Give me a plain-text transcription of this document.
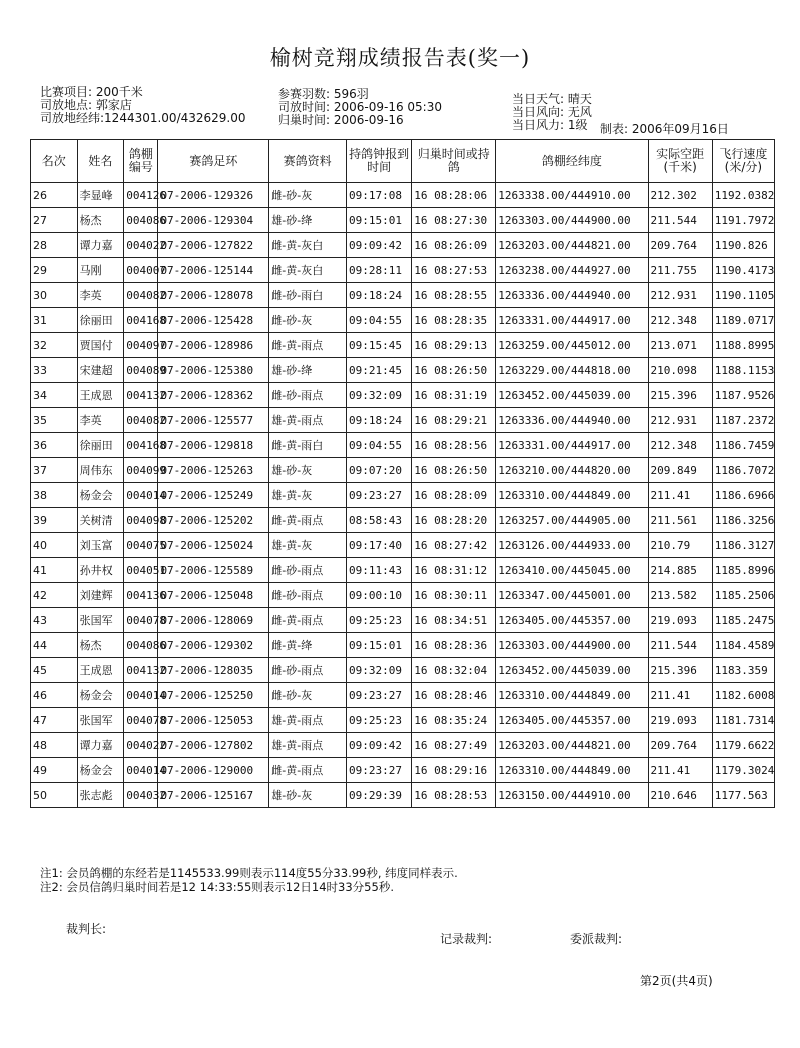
榆树竞翔成绩报告表(奖一)
比赛项目: 200千米
司放地点: 郭家店
司放地经纬:1244301.00/432629.00
参赛羽数: 596羽
司放时间: 2006-09-16 05:30
归巢时间: 2006-09-16
当日天气: 晴天
当日风向: 无风
当日风力: 1级	制表: 2006年09月16日
名次	姓名	鸽棚编号	赛鸽足环	赛鸽资料	持鸽钟报到时间	归巢时间或持鸽	鸽棚经纬度	实际空距(千米)	飞行速度(米/分)
26	李显峰	004126	07-2006-129326	雌-砂-灰	09:17:08	16 08:28:06	1263338.00/444910.00	212.302	1192.0382
27	杨杰	004086	07-2006-129304	雄-砂-绛	09:15:01	16 08:27:30	1263303.00/444900.00	211.544	1191.7972
28	谭力嘉	004022	07-2006-127822	雌-黄-灰白	09:09:42	16 08:26:09	1263203.00/444821.00	209.764	1190.826
29	马刚	004007	07-2006-125144	雌-黄-灰白	09:28:11	16 08:27:53	1263238.00/444927.00	211.755	1190.4173
30	李英	004082	07-2006-128078	雌-砂-雨白	09:18:24	16 08:28:55	1263336.00/444940.00	212.931	1190.1105
31	徐丽田	004168	07-2006-125428	雌-砂-灰	09:04:55	16 08:28:35	1263331.00/444917.00	212.348	1189.0717
32	贾国付	004097	07-2006-128986	雌-黄-雨点	09:15:45	16 08:29:13	1263259.00/445012.00	213.071	1188.8995
33	宋建超	004089	07-2006-125380	雄-砂-绛	09:21:45	16 08:26:50	1263229.00/444818.00	210.098	1188.1153
34	王成恩	004132	07-2006-128362	雌-砂-雨点	09:32:09	16 08:31:19	1263452.00/445039.00	215.396	1187.9526
35	李英	004082	07-2006-125577	雄-黄-雨点	09:18:24	16 08:29:21	1263336.00/444940.00	212.931	1187.2372
36	徐丽田	004168	07-2006-129818	雌-黄-雨白	09:04:55	16 08:28:56	1263331.00/444917.00	212.348	1186.7459
37	周伟东	004099	07-2006-125263	雄-砂-灰	09:07:20	16 08:26:50	1263210.00/444820.00	209.849	1186.7072
38	杨金会	004014	07-2006-125249	雄-黄-灰	09:23:27	16 08:28:09	1263310.00/444849.00	211.41	1186.6966
39	关树清	004098	07-2006-125202	雌-黄-雨点	08:58:43	16 08:28:20	1263257.00/444905.00	211.561	1186.3256
40	刘玉富	004075	07-2006-125024	雄-黄-灰	09:17:40	16 08:27:42	1263126.00/444933.00	210.79	1186.3127
41	孙井权	004051	07-2006-125589	雌-砂-雨点	09:11:43	16 08:31:12	1263410.00/445045.00	214.885	1185.8996
42	刘建辉	004136	07-2006-125048	雌-砂-雨点	09:00:10	16 08:30:11	1263347.00/445001.00	213.582	1185.2506
43	张国军	004078	07-2006-128069	雌-黄-雨点	09:25:23	16 08:34:51	1263405.00/445357.00	219.093	1185.2475
44	杨杰	004086	07-2006-129302	雌-黄-绛	09:15:01	16 08:28:36	1263303.00/444900.00	211.544	1184.4589
45	王成恩	004132	07-2006-128035	雌-砂-雨点	09:32:09	16 08:32:04	1263452.00/445039.00	215.396	1183.359
46	杨金会	004014	07-2006-125250	雌-砂-灰	09:23:27	16 08:28:46	1263310.00/444849.00	211.41	1182.6008
47	张国军	004078	07-2006-125053	雄-黄-雨点	09:25:23	16 08:35:24	1263405.00/445357.00	219.093	1181.7314
48	谭力嘉	004022	07-2006-127802	雄-黄-雨点	09:09:42	16 08:27:49	1263203.00/444821.00	209.764	1179.6622
49	杨金会	004014	07-2006-129000	雌-黄-雨点	09:23:27	16 08:29:16	1263310.00/444849.00	211.41	1179.3024
50	张志彪	004032	07-2006-125167	雄-砂-灰	09:29:39	16 08:28:53	1263150.00/444910.00	210.646	1177.563
注1: 会员鸽棚的东经若是1145533.99则表示114度55分33.99秒, 纬度同样表示.
注2: 会员信鸽归巢时间若是12 14:33:55则表示12日14时33分55秒.
裁判长:
记录裁判:	委派裁判:
第2页(共4页)
